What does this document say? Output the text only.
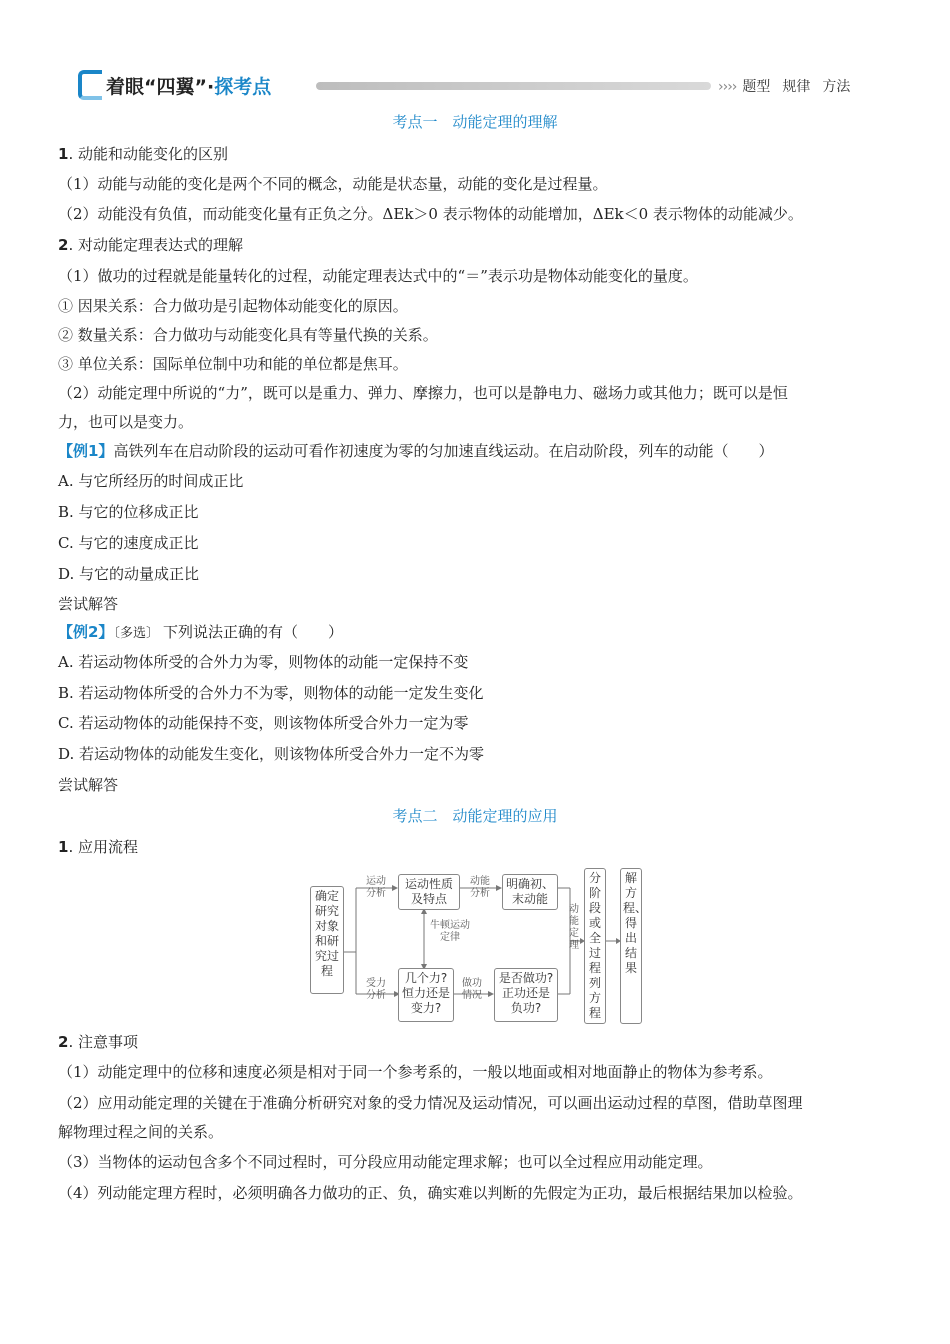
着眼“四翼”·探考点	›››› 题型 规律 方法
考点一　动能定理的理解
1. 动能和动能变化的区别
（1）动能与动能的变化是两个不同的概念，动能是状态量，动能的变化是过程量。
（2）动能没有负值，而动能变化量有正负之分。ΔEk＞0 表示物体的动能增加，ΔEk＜0 表示物体的动能减少。
2. 对动能定理表达式的理解
（1）做功的过程就是能量转化的过程，动能定理表达式中的“＝”表示功是物体动能变化的量度。
① 因果关系：合力做功是引起物体动能变化的原因。
② 数量关系：合力做功与动能变化具有等量代换的关系。
③ 单位关系：国际单位制中功和能的单位都是焦耳。
（2）动能定理中所说的“力”，既可以是重力、弹力、摩擦力，也可以是静电力、磁场力或其他力；既可以是恒
力，也可以是变力。
【例1】高铁列车在启动阶段的运动可看作初速度为零的匀加速直线运动。在启动阶段，列车的动能（　　）
A. 与它所经历的时间成正比
B. 与它的位移成正比
C. 与它的速度成正比
D. 与它的动量成正比
尝试解答
【例2】〔多选〕 下列说法正确的有（　　）
A. 若运动物体所受的合外力为零，则物体的动能一定保持不变
B. 若运动物体所受的合外力不为零，则物体的动能一定发生变化
C. 若运动物体的动能保持不变，则该物体所受合外力一定为零
D. 若运动物体的动能发生变化，则该物体所受合外力一定不为零
尝试解答
考点二　动能定理的应用
1. 应用流程
确定研究对象和研究过程
运动分析
运动性质及特点
动能分析
明确初、末动能
牛顿运动定律
受力分析
几个力?恒力还是变力?
做功情况
是否做功?正功还是负功?
动能定理
分阶段或全过程列方程
解方程、得出结果
2. 注意事项
（1）动能定理中的位移和速度必须是相对于同一个参考系的，一般以地面或相对地面静止的物体为参考系。
（2）应用动能定理的关键在于准确分析研究对象的受力情况及运动情况，可以画出运动过程的草图，借助草图理
解物理过程之间的关系。
（3）当物体的运动包含多个不同过程时，可分段应用动能定理求解；也可以全过程应用动能定理。
（4）列动能定理方程时，必须明确各力做功的正、负，确实难以判断的先假定为正功，最后根据结果加以检验。
